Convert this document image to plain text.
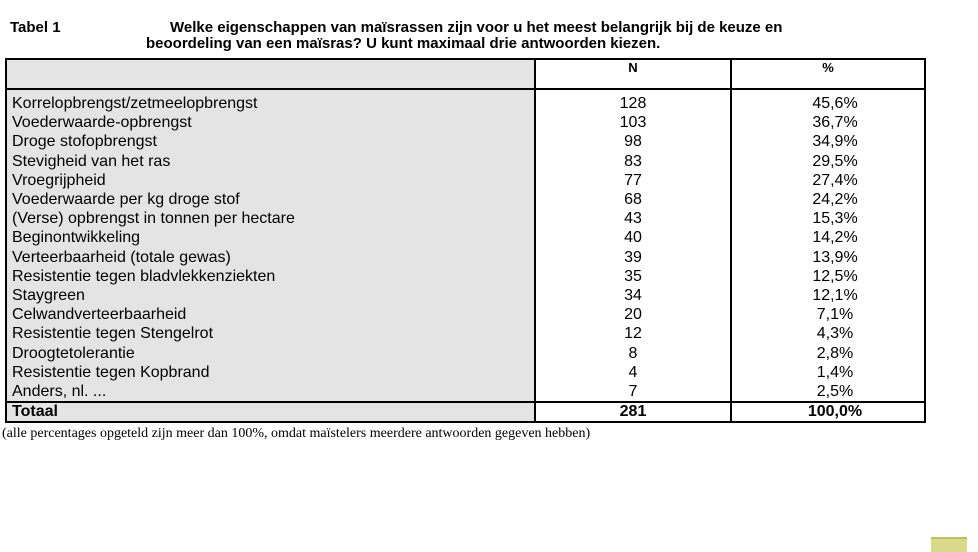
Tabel 1	Welke eigenschappen van maïsrassen zijn voor u het meest belangrijk bij de keuze en
beoordeling van een maïsras? U kunt maximaal drie antwoorden kiezen.
	N	%
Korrelopbrengst/zetmeelopbrengst	128	45,6%
Voederwaarde-opbrengst	103	36,7%
Droge stofopbrengst	98	34,9%
Stevigheid van het ras	83	29,5%
Vroegrijpheid	77	27,4%
Voederwaarde per kg droge stof	68	24,2%
(Verse) opbrengst in tonnen per hectare	43	15,3%
Beginontwikkeling	40	14,2%
Verteerbaarheid (totale gewas)	39	13,9%
Resistentie tegen bladvlekkenziekten	35	12,5%
Staygreen	34	12,1%
Celwandverteerbaarheid	20	7,1%
Resistentie tegen Stengelrot	12	4,3%
Droogtetolerantie	8	2,8%
Resistentie tegen Kopbrand	4	1,4%
Anders, nl. ...	7	2,5%
Totaal	281	100,0%
(alle percentages opgeteld zijn meer dan 100%, omdat maïstelers meerdere antwoorden gegeven hebben)
